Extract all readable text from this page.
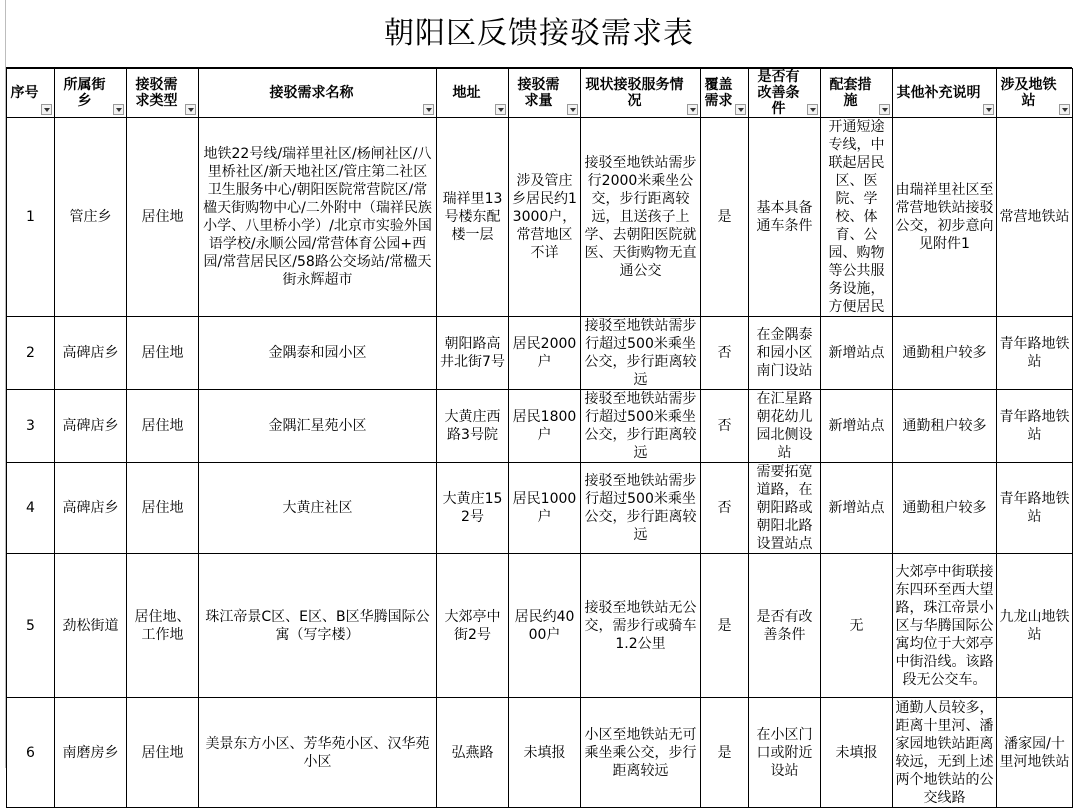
朝阳区反馈接驳需求表
序号	所属街乡	接驳需求类型	接驳需求名称	地址	接驳需求量	现状接驳服务情况	覆盖需求	是否有改善条件	配套措施	其他补充说明	涉及地铁站

1	管庄乡	居住地	地铁22号线/瑞祥里社区/杨闸社区/八里桥社区/新天地社区/管庄第二社区卫生服务中心/朝阳医院常营院区/常楹天街购物中心/二外附中（瑞祥民族小学、八里桥小学）/北京市实验外国语学校/永顺公园/常营体育公园+西园/常营居民区/58路公交场站/常楹天街永辉超市	瑞祥里13号楼东配楼一层	涉及管庄乡居民约13000户，常营地区不详	接驳至地铁站需步行2000米乘坐公交，步行距离较远，且送孩子上学、去朝阳医院就医、天街购物无直通公交	是	基本具备通车条件	开通短途专线，中联起居民区、医院、学校、体育、公园、购物等公共服务设施，方便居民	由瑞祥里社区至常营地铁站接驳公交，初步意向见附件1	常营地铁站
2	高碑店乡	居住地	金隅泰和园小区	朝阳路高井北街7号	居民2000户	接驳至地铁站需步行超过500米乘坐公交，步行距离较远	否	在金隅泰和园小区南门设站	新增站点	通勤租户较多	青年路地铁站
3	高碑店乡	居住地	金隅汇星苑小区	大黄庄西路3号院	居民1800户	接驳至地铁站需步行超过500米乘坐公交，步行距离较远	否	在汇星路朝花幼儿园北侧设站	新增站点	通勤租户较多	青年路地铁站
4	高碑店乡	居住地	大黄庄社区	大黄庄152号	居民1000户	接驳至地铁站需步行超过500米乘坐公交，步行距离较远	否	需要拓宽道路，在朝阳路或朝阳北路设置站点	新增站点	通勤租户较多	青年路地铁站
5	劲松街道	居住地、工作地	珠江帝景C区、E区、B区华腾国际公寓（写字楼）	大郊亭中街2号	居民约4000户	接驳至地铁站无公交，需步行或骑车1.2公里	是	是否有改善条件	无	大郊亭中街联接东四环至西大望路，珠江帝景小区与华腾国际公寓均位于大郊亭中街沿线。该路段无公交车。	九龙山地铁站
6	南磨房乡	居住地	美景东方小区、芳华苑小区、汉华苑小区	弘燕路	未填报	小区至地铁站无可乘坐乘公交，步行距离较远	是	在小区门口或附近设站	未填报	通勤人员较多，距离十里河、潘家园地铁站距离较远，无到上述两个地铁站的公交线路	潘家园/十里河地铁站
